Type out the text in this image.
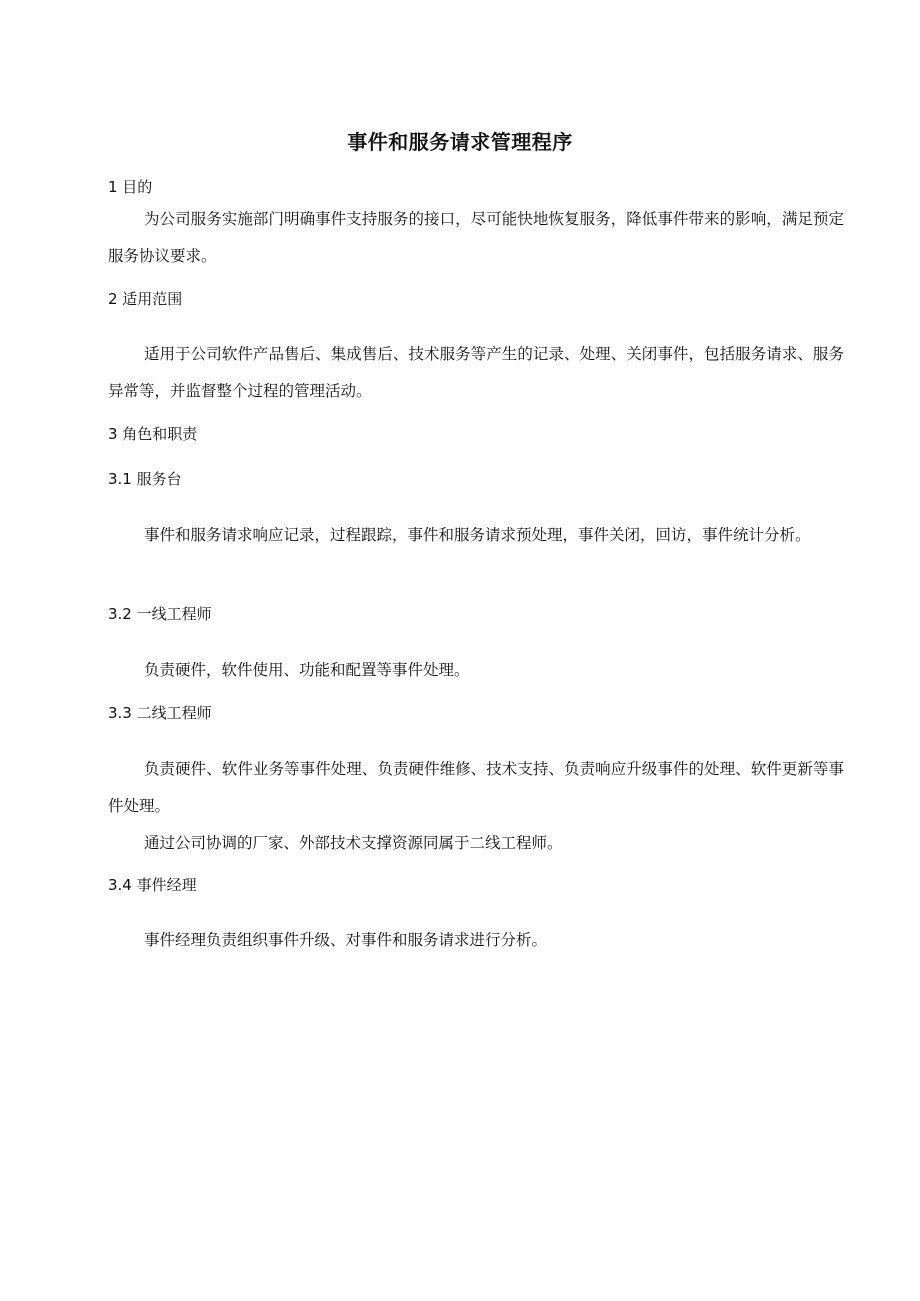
事件和服务请求管理程序
1 目的
为公司服务实施部门明确事件支持服务的接口，尽可能快地恢复服务，降低事件带来的影响，满足预定服务协议要求。
2 适用范围
适用于公司软件产品售后、集成售后、技术服务等产生的记录、处理、关闭事件，包括服务请求、服务异常等，并监督整个过程的管理活动。
3 角色和职责
3.1 服务台
事件和服务请求响应记录，过程跟踪，事件和服务请求预处理，事件关闭，回访，事件统计分析。
3.2 一线工程师
负责硬件，软件使用、功能和配置等事件处理。
3.3 二线工程师
负责硬件、软件业务等事件处理、负责硬件维修、技术支持、负责响应升级事件的处理、软件更新等事件处理。
通过公司协调的厂家、外部技术支撑资源同属于二线工程师。
3.4 事件经理
事件经理负责组织事件升级、对事件和服务请求进行分析。
